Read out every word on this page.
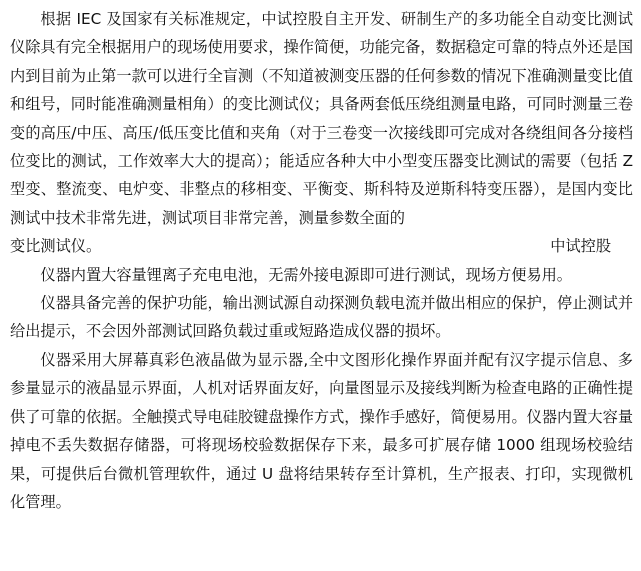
根据 IEC 及国家有关标准规定，中试控股自主开发、研制生产的多功能全自动变比测试仪除具有完全根据用户的现场使用要求，操作简便，功能完备，数据稳定可靠的特点外还是国内到目前为止第一款可以进行全盲测（不知道被测变压器的任何参数的情况下准确测量变比值和组号，同时能准确测量相角）的变比测试仪；具备两套低压绕组测量电路，可同时测量三卷变的高压/中压、高压/低压变比值和夹角（对于三卷变一次接线即可完成对各绕组间各分接档位变比的测试，工作效率大大的提高）；能适应各种大中小型变压器变比测试的需要（包括 Z 型变、整流变、电炉变、非整点的移相变、平衡变、斯科特及逆斯科特变压器），是国内变比测试中技术非常先进，测试项目非常完善，测量参数全面的

变比测试仪。	中试控股

仪器内置大容量锂离子充电电池，无需外接电源即可进行测试，现场方便易用。

仪器具备完善的保护功能，输出测试源自动探测负载电流并做出相应的保护，停止测试并给出提示，不会因外部测试回路负载过重或短路造成仪器的损坏。

仪器采用大屏幕真彩色液晶做为显示器,全中文图形化操作界面并配有汉字提示信息、多参量显示的液晶显示界面，人机对话界面友好，向量图显示及接线判断为检查电路的正确性提供了可靠的依据。全触摸式导电硅胶键盘操作方式，操作手感好，简便易用。仪器内置大容量掉电不丢失数据存储器，可将现场校验数据保存下来，最多可扩展存储 1000 组现场校验结果，可提供后台微机管理软件，通过 U 盘将结果转存至计算机，生产报表、打印，实现微机化管理。
